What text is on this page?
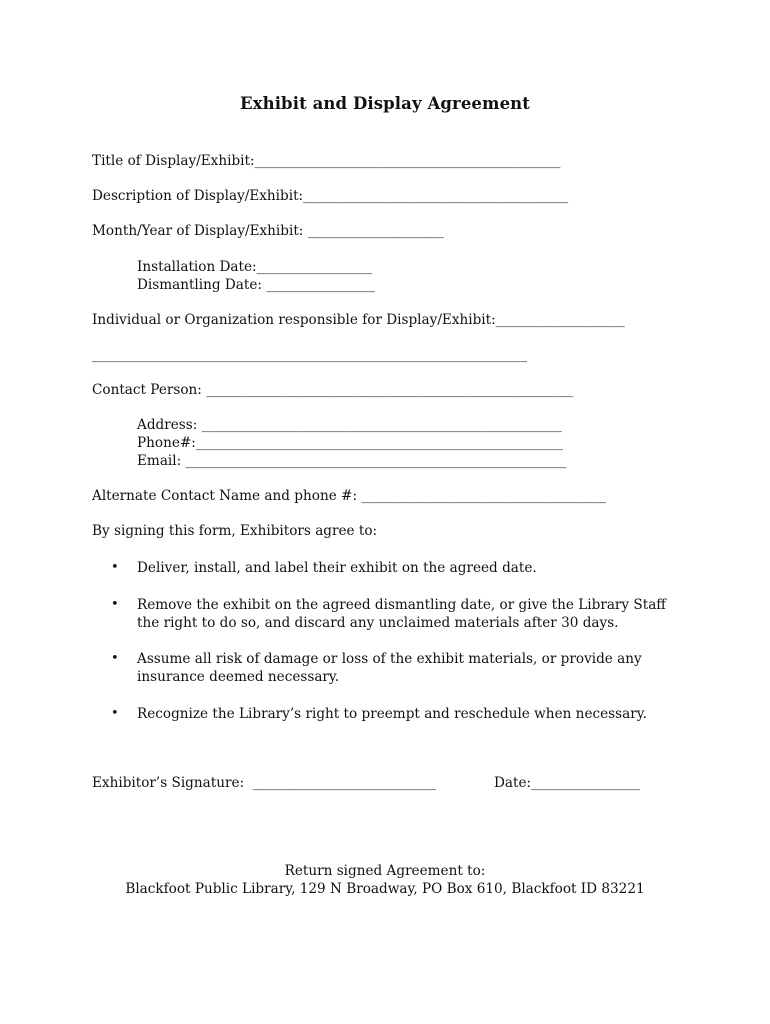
Exhibit and Display Agreement
Title of Display/Exhibit:_____________________________________________
Description of Display/Exhibit:_______________________________________
Month/Year of Display/Exhibit: ____________________
Installation Date:_________________
Dismantling Date: ________________
Individual or Organization responsible for Display/Exhibit:___________________
________________________________________________________________
Contact Person: ______________________________________________________
Address: _____________________________________________________
Phone#:______________________________________________________
Email: ________________________________________________________
Alternate Contact Name and phone #: ____________________________________
By signing this form, Exhibitors agree to:
• Deliver, install, and label their exhibit on the agreed date.
• Remove the exhibit on the agreed dismantling date, or give the Library Staff the right to do so, and discard any unclaimed materials after 30 days.
• Assume all risk of damage or loss of the exhibit materials, or provide any insurance deemed necessary.
• Recognize the Library’s right to preempt and reschedule when necessary.
Exhibitor’s Signature:  ___________________________	Date:________________
Return signed Agreement to:
Blackfoot Public Library, 129 N Broadway, PO Box 610, Blackfoot ID 83221
